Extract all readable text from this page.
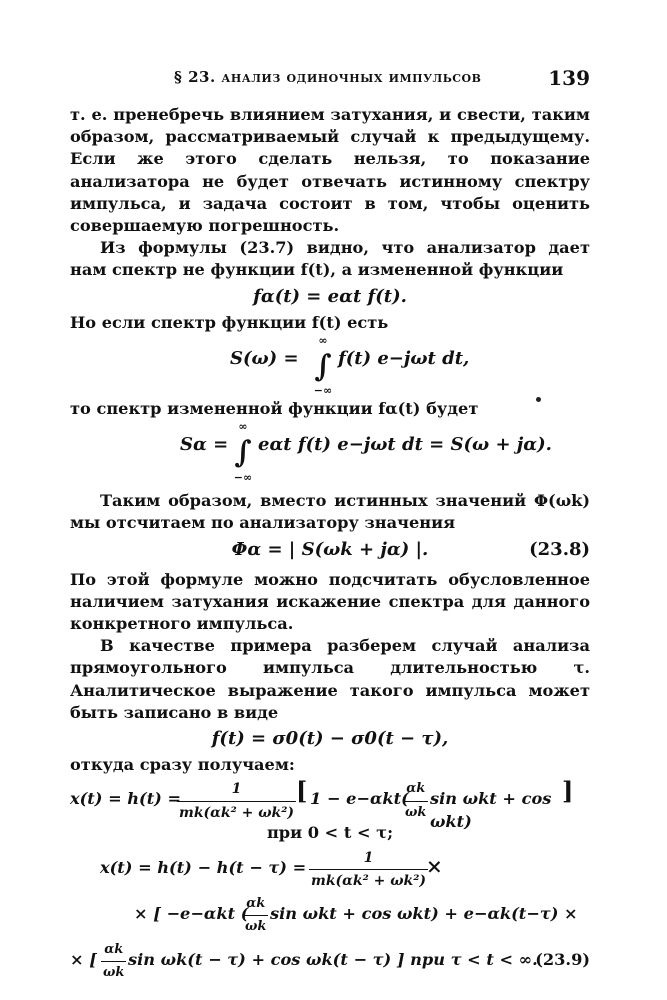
§ 23. анализ одиночных импульсов	139

т. е. пренебречь влиянием затухания, и свести, таким образом, рассматриваемый случай к предыдущему. Если же этого сделать нельзя, то показание анализатора не будет отвечать истинному спектру импульса, и задача состоит в том, чтобы оценить совершаемую погрешность.

Из формулы (23.7) видно, что анализатор дает нам спектр не функции f(t), а измененной функции

fα(t) = eαt f(t).

Но если спектр функции f(t) есть

S(ω) =
∞
∫
−∞
f(t) e−jωt dt,

то спектр измененной функции fα(t) будет

Sα =
∞
∫
−∞
eαt f(t) e−jωt dt = S(ω + jα).

Таким образом, вместо истинных значений Φ(ωk) мы отсчитаем по анализатору значения

Φα = | S(ωk + jα) |.	(23.8)

По этой формуле можно подсчитать обусловленное наличием затухания искажение спектра для данного конкретного импульса.

В качестве примера разберем случай анализа прямоугольного импульса длительностью τ. Аналитическое выражение такого импульса может быть записано в виде

f(t) = σ0(t) − σ0(t − τ),

откуда сразу получаем:

x(t) = h(t) =
$\frac{1}{\text{mk(αk² + ωk²)}}$ [ 1 − e−αkt(
$\frac{\alpha k}{\omega k}$ sin ωkt + cos ωkt)
]

при 0 < t < τ;

$x(t) = h(t) - h(t - \tau) = \frac{1}{\text{mk(αk² + ωk²)}}$
×
× [ −e−αkt (
$\frac{\alpha k}{\omega k}$ sin ωkt + cos ωkt) + e−αk(t−τ) ×
× [ $\frac{\alpha k}{\omega k}$ sin ωk(t − τ) + cos ωk(t − τ) ] при τ < t < ∞.
(23.9)
